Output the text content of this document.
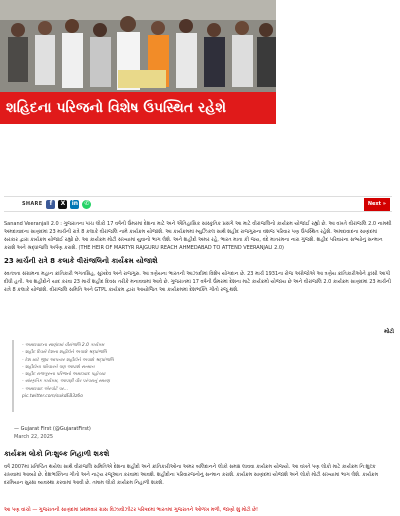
શહિદના પરિજનો વિશેષ ઉપસ્થિત રહેશે
SHARE	f	X	in	✆	Next »

Sanand Veeranjali 2.0 : ગુજરાતના પાંચ લોકો 17 વર્ષની ઉંમરમાં દેશના માટે અને ઐતિહાસિક સાંસ્કૃતિક પ્રસંગે આ માટે વીરાંજલિનો કાર્યક્રમ યોજાઈ રહ્યો છે. આ વખતે વીરાંજલિ 2.0 નામથી અમદાવાદના સાણંદમાં 23 માર્ચની રાત્રે 8 કલાકે વીરાંજલિ નામે કાર્યક્રમ યોજાશે. આ કાર્યક્રમમાં મ્યુઝિકલ સાથે શહીદ રાજગુરુના વંશજ પરિવાર પણ ઉપસ્થિત રહેશે. અમદાવાદના સાણંદમાં સરકાર દ્વારા કાર્યક્રમ યોજાઈ રહ્યો છે. આ કાર્યક્રમ મોટી સંખ્યામાં યુવાનો ભાગ લેશે. અને શહીદો અમર રહે, ભારત માતા કી જય, વંદે માતરમના નારા ગુંજશે. શહીદ પરિવારના સભ્યોનું સન્માન કરાશે અને શ્રદ્ધાંજલિ અર્પણ કરાશે. (THE HEIR OF MARTYR RAJGURU REACH AHMEDABAD TO ATTEND VEERANJALI 2.0)

23 માર્ચની રાત્રે 8 કલાકે વીરાંજલિનો કાર્યક્રમ યોજાશે

સ્વતંત્રતા સંગ્રામના મહાન ક્રાંતિકારી ભગતસિંહ, સુખદેવ અને રાજગુરુ. આ ત્રણેયના ભારતની આઝાદીમાં વિશેષ યોગદાન છે. 23 માર્ચ 1931ના રોજ અંગ્રેજોએ આ ત્રણેય ક્રાંતિકારીઓને ફાંસી આપી દીધી હતી. આ શહીદોને યાદ કરવા 23 માર્ચ શહીદ દિવસ તરીકે મનાવવામાં આવે છે. ગુજરાતમાં 17 વર્ષની ઉંમરમાં દેશના માટે કાર્યક્રમો યોજાય છે અને વીરાંજલિ 2.0 કાર્યક્રમ સાણંદમાં 23 માર્ચની રાત્રે 8 કલાકે યોજાશે. વીરાંજલિ સમિતિ અને GTPL કાર્યક્રમ દ્વારા આયોજિત આ કાર્યક્રમમાં દેશભક્તિ ગીતો રજૂ થશે.

મોટો
- અમદાવાદના સાણંદમાં વીરાંજલિ 2.0 કાર્યક્રમ
- શહીદ દિવસે દેશના શહીદોને અપાશે શ્રદ્ધાંજલિ
- દેશ માટે જીવ આપનાર શહીદોને અપાશે શ્રદ્ધાંજલિ
- શહીદોના પરિવારને પણ આપાશે સન્માન
- શહીદ રાજગુરુના પરિજનો અમદાવાદ પહોંચ્યા
- સાંસ્કૃતિક કાર્યક્રમ, આપણી વીર પરંપરાનું સ્મરણ
- અમદાવાદ એરપોર્ટ પર...
pic.twitter.com/sukdEB3z6o
— Gujarat First (@GujaratFirst)
March 22, 2025
કાર્યક્રમ લોકો નિઃશુલ્ક નિહાળી શકશે

વર્ષ 2007માં પ્રતિષ્ઠિત થયેલા સાથે વીરાંજલિ સમિતિએ દેશના શહીદો અને ક્રાંતિકારીઓના અમર બલિદાનને લોકો સમક્ષ લાવવા કાર્યક્રમ યોજ્યો. આ વખતે પણ લોકો માટે કાર્યક્રમ નિઃશુલ્ક રાખવામાં આવ્યો છે. દેશભક્તિના ગીતો અને નાટ્ય રજૂઆત કરવામાં આવશે. શહીદોના પરિવારજનોનું સન્માન કરાશે. કાર્યક્રમ સાણંદમાં યોજાશે અને લોકો મોટી સંખ્યામાં ભાગ લેશે. કાર્યક્રમ દરમિયાન સુરક્ષા વ્યવસ્થા કરવામાં આવી છે. તમામ લોકો કાર્યક્રમ નિહાળી શકશે.

આ પણ વાંચો — ગુજરાતની સાણંદમાં પ્રથમવાર ગ્રાસ વિઝાવીઝીટર પરિષદમાં ભારતમાં ગુજરાતને ઓળખ મળી, જાણો શું મોટો છે!
